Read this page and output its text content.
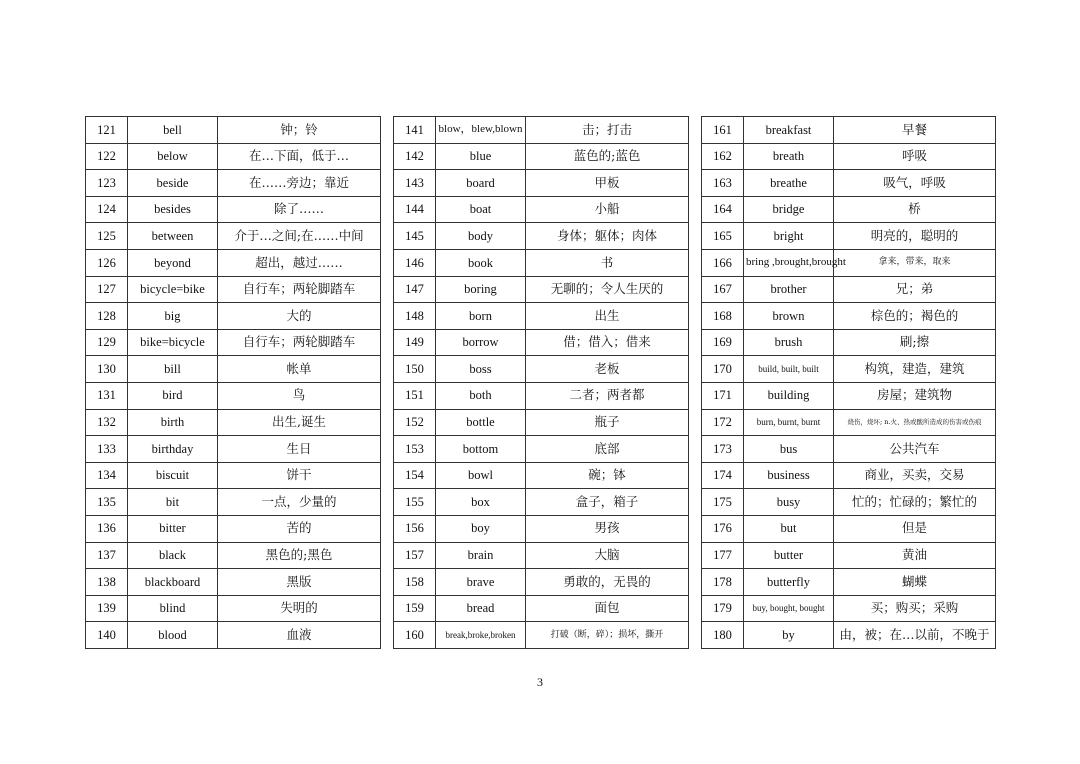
121	bell	钟；铃
122	below	在…下面，低于…
123	beside	在……旁边；靠近
124	besides	除了……
125	between	介于…之间;在……中间
126	beyond	超出，越过……
127	bicycle=bike	自行车；两轮脚踏车
128	big	大的
129	bike=bicycle	自行车；两轮脚踏车
130	bill	帐单
131	bird	鸟
132	birth	出生,诞生
133	birthday	生日
134	biscuit	饼干
135	bit	一点，少量的
136	bitter	苦的
137	black	黑色的;黑色
138	blackboard	黑版
139	blind	失明的
140	blood	血液
141	blow，blew,blown	击；打击
142	blue	蓝色的;蓝色
143	board	甲板
144	boat	小船
145	body	身体；躯体；肉体
146	book	书
147	boring	无聊的；令人生厌的
148	born	出生
149	borrow	借；借入；借来
150	boss	老板
151	both	二者；两者都
152	bottle	瓶子
153	bottom	底部
154	bowl	碗；钵
155	box	盒子，箱子
156	boy	男孩
157	brain	大脑
158	brave	勇敢的，无畏的
159	bread	面包
160	break,broke,broken	打破（断，碎）；损坏，撕开
161	breakfast	早餐
162	breath	呼吸
163	breathe	吸气，呼吸
164	bridge	桥
165	bright	明亮的，聪明的
166	bring ,brought,brought	拿来，带来，取来
167	brother	兄；弟
168	brown	棕色的；褐色的
169	brush	刷;擦
170	build, built, built	构筑，建造，建筑
171	building	房屋；建筑物
172	burn, burnt, burnt	烧伤，烧坏; n.火、热或酸所造成的伤害或伤痕
173	bus	公共汽车
174	business	商业，买卖，交易
175	busy	忙的；忙碌的；繁忙的
176	but	但是
177	butter	黄油
178	butterfly	蝴蝶
179	buy, bought, bought	买；购买；采购
180	by	由，被；在…以前，不晚于
3
